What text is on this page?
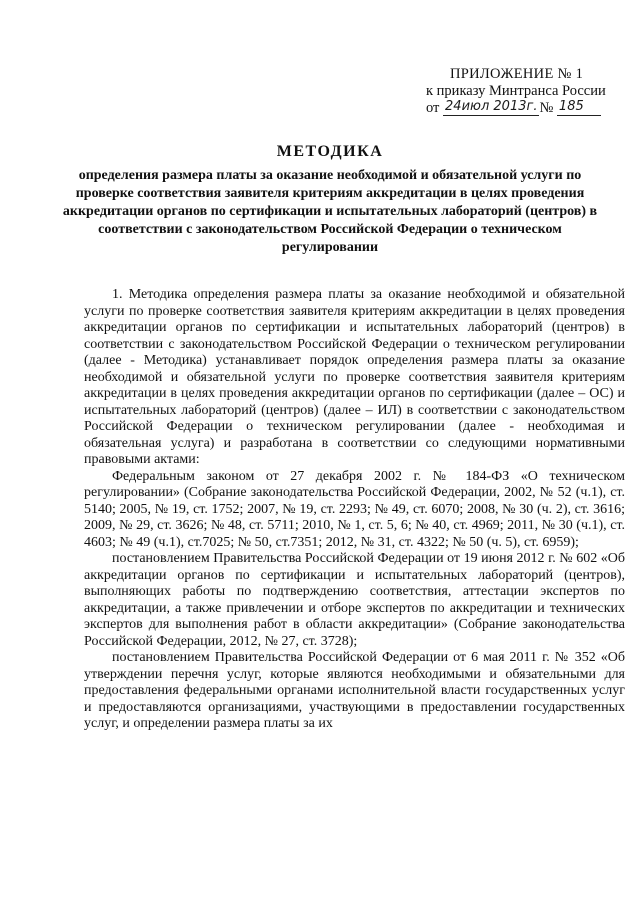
ПРИЛОЖЕНИЕ № 1
к приказу Минтранса России
от 24июл 2013г. № 185
МЕТОДИКА
определения размера платы за оказание необходимой и обязательной услуги по проверке соответствия заявителя критериям аккредитации в целях проведения аккредитации органов по сертификации и испытательных лабораторий (центров) в соответствии с законодательством Российской Федерации о техническом регулировании

1. Методика определения размера платы за оказание необходимой и обязательной услуги по проверке соответствия заявителя критериям аккредитации в целях проведения аккредитации органов по сертификации и испытательных лабораторий (центров) в соответствии с законодательством Российской Федерации о техническом регулировании (далее - Методика) устанавливает порядок определения размера платы за оказание необходимой и обязательной услуги по проверке соответствия заявителя критериям аккредитации в целях проведения аккредитации органов по сертификации (далее – ОС) и испытательных лабораторий (центров) (далее – ИЛ) в соответствии с законодательством Российской Федерации о техническом регулировании (далее - необходимая и обязательная услуга) и разработана в соответствии со следующими нормативными правовыми актами:

Федеральным законом от 27 декабря 2002 г. № 184-ФЗ «О техническом регулировании» (Собрание законодательства Российской Федерации, 2002, № 52 (ч.1), ст. 5140; 2005, № 19, ст. 1752; 2007, № 19, ст. 2293; № 49, ст. 6070; 2008, № 30 (ч. 2), ст. 3616; 2009, № 29, ст. 3626; № 48, ст. 5711; 2010, № 1, ст. 5, 6; № 40, ст. 4969; 2011, № 30 (ч.1), ст. 4603; № 49 (ч.1), ст.7025; № 50, ст.7351; 2012, № 31, ст. 4322; № 50 (ч. 5), ст. 6959);

постановлением Правительства Российской Федерации от 19 июня 2012 г. № 602 «Об аккредитации органов по сертификации и испытательных лабораторий (центров), выполняющих работы по подтверждению соответствия, аттестации экспертов по аккредитации, а также привлечении и отборе экспертов по аккредитации и технических экспертов для выполнения работ в области аккредитации» (Собрание законодательства Российской Федерации, 2012, № 27, ст. 3728);

постановлением Правительства Российской Федерации от 6 мая 2011 г. № 352 «Об утверждении перечня услуг, которые являются необходимыми и обязательными для предоставления федеральными органами исполнительной власти государственных услуг и предоставляются организациями, участвующими в предоставлении государственных услуг, и определении размера платы за их
